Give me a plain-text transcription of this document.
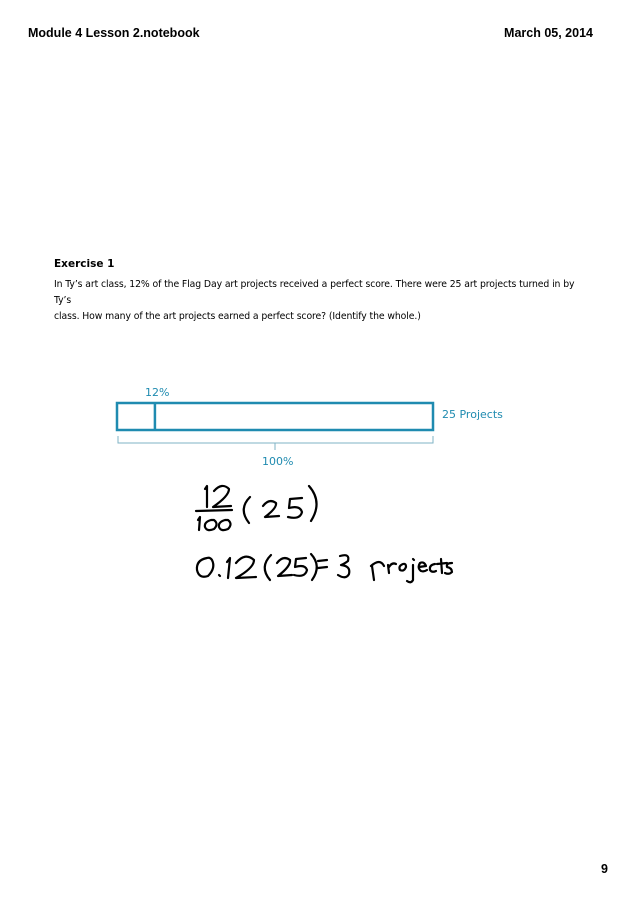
Module 4 Lesson 2.notebook	March 05, 2014
Exercise 1
In Ty’s art class, 12% of the Flag Day art projects received a perfect score. There were 25 art projects turned in by Ty’s
class. How many of the art projects earned a perfect score? (Identify the whole.)
12%
25 Projects
100%
9
